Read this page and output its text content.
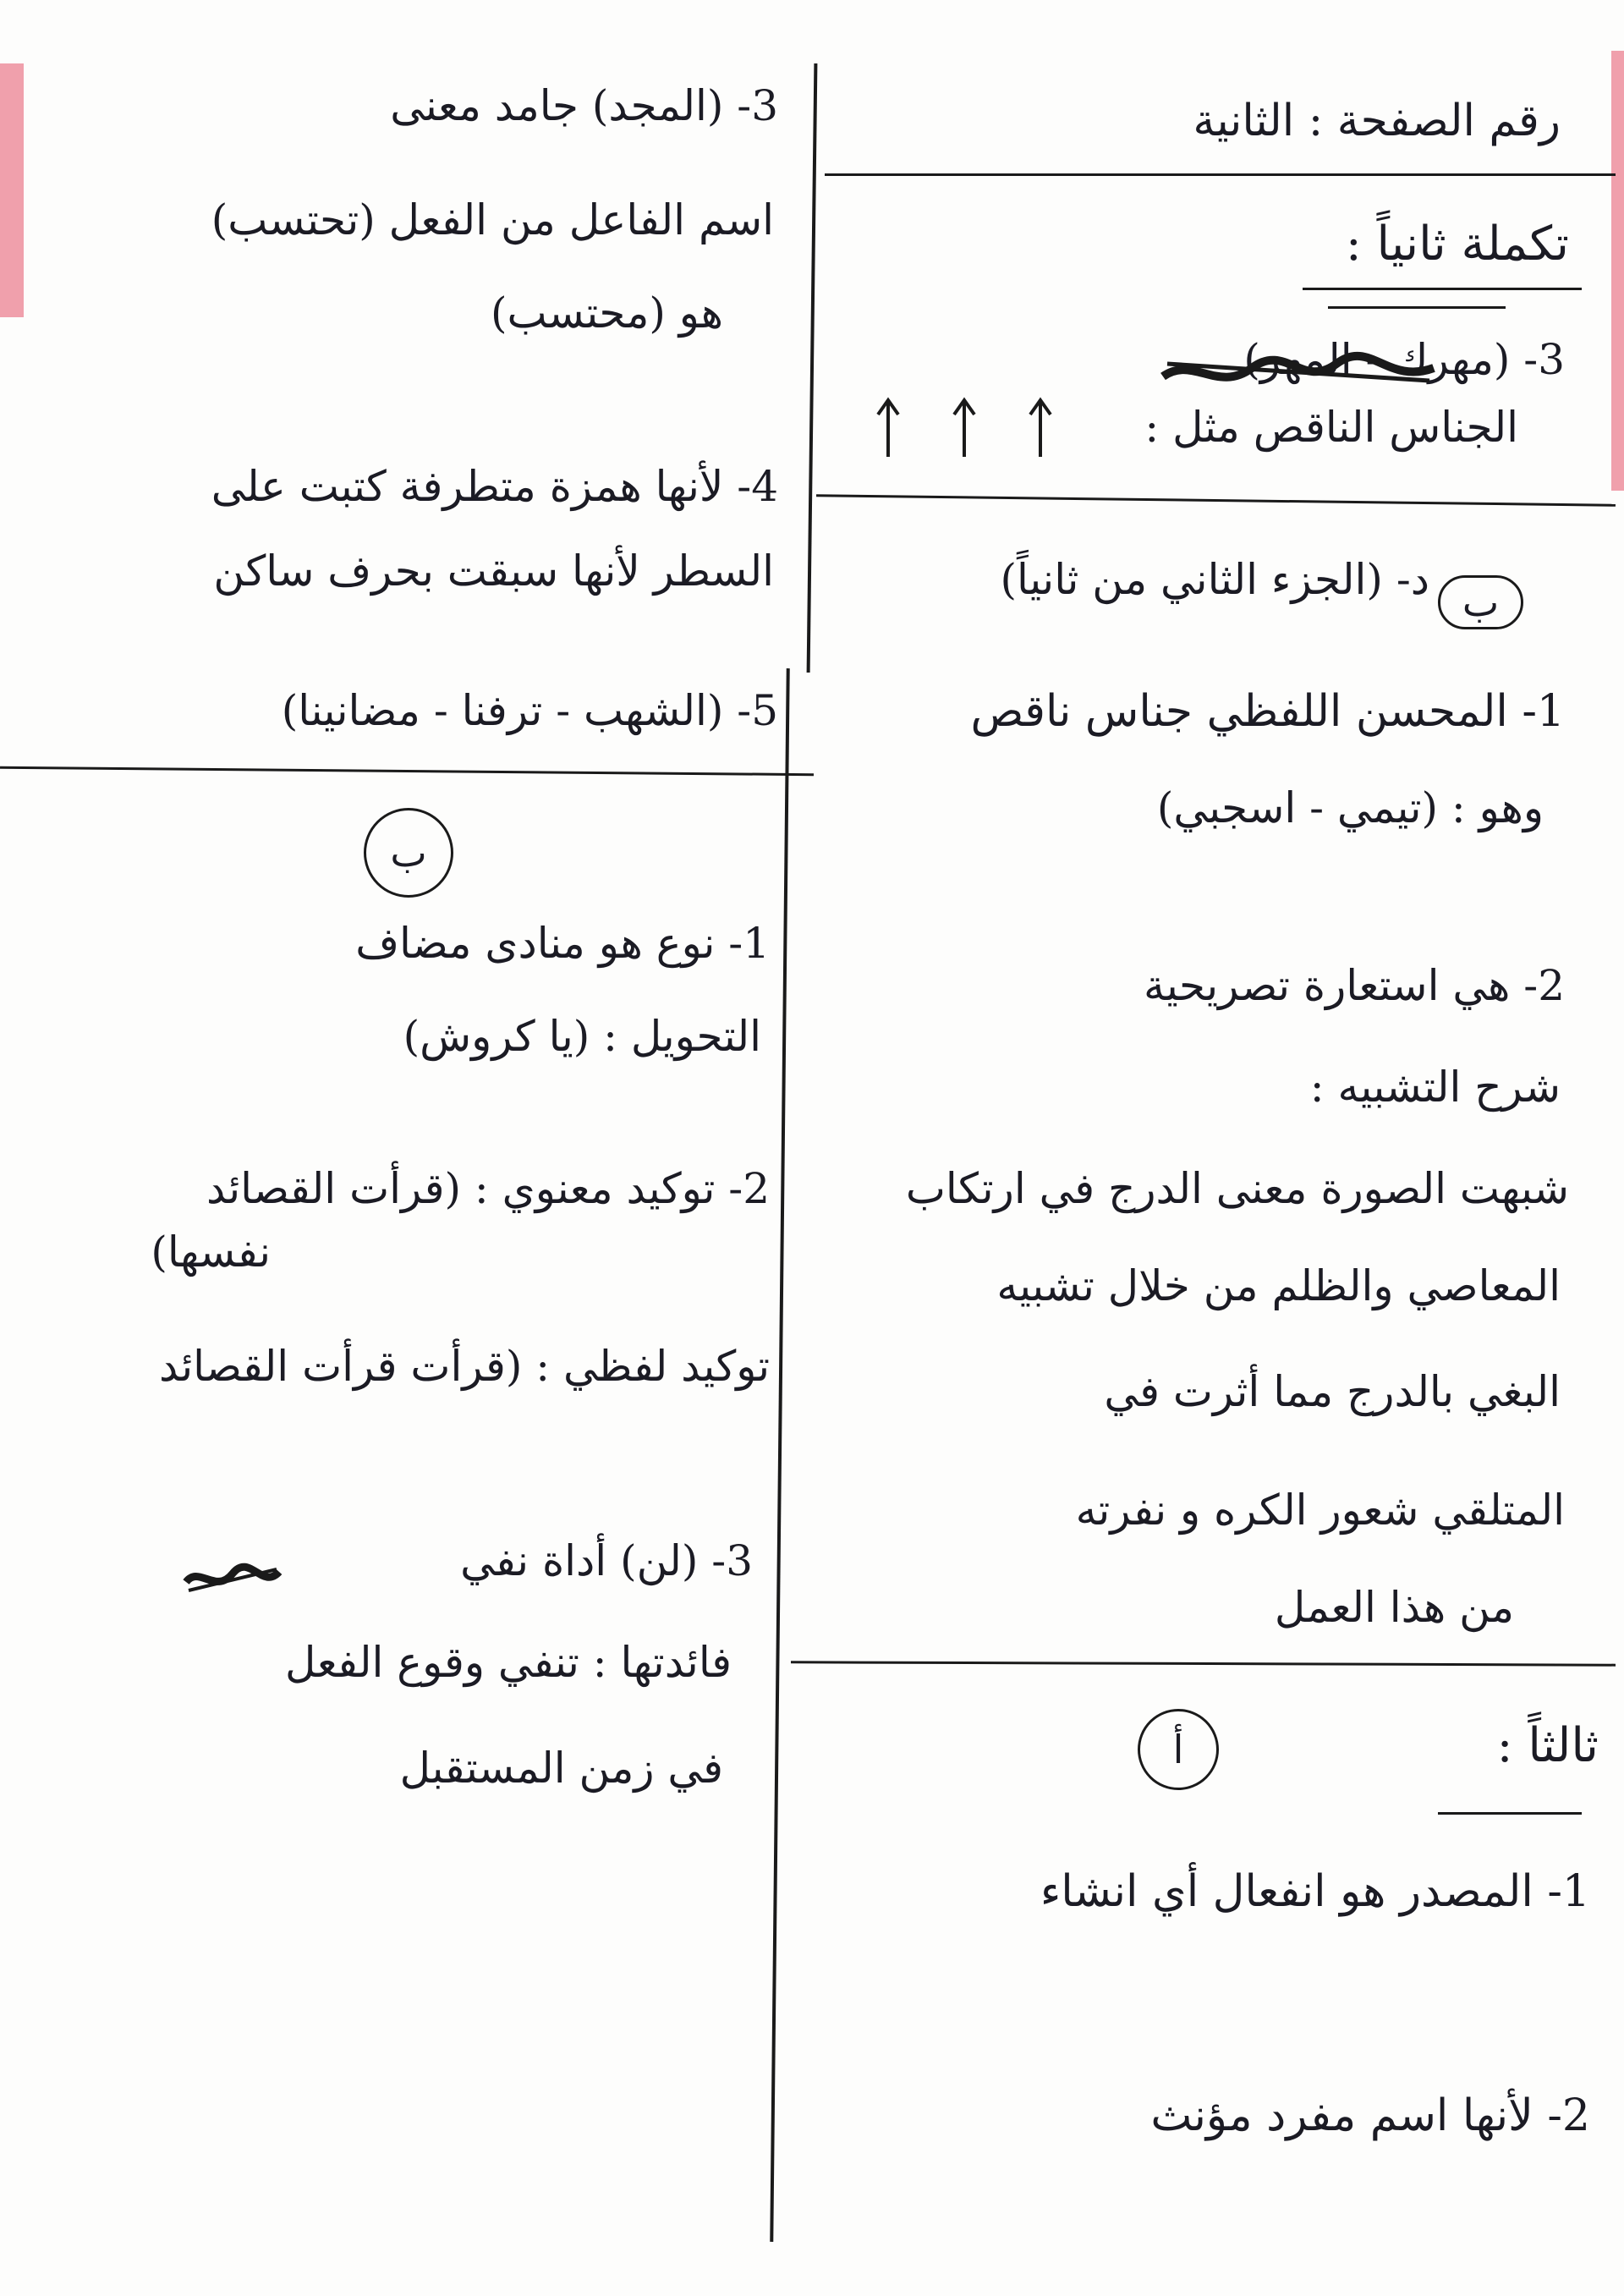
رقم الصفحة : الثانية

تكملة ثانياً :

3- (مهرك - المهر)

الجناس الناقص مثل :

ب

د- (الجزء الثاني من ثانياً)

1- المحسن اللفظي جناس ناقص

وهو : (تيمي - اسجبي)

2- هي استعارة تصريحية

شرح التشبيه :

شبهت الصورة معنى الدرج في ارتكاب

المعاصي والظلم من خلال تشبيه

البغي بالدرج مما أثرت في

المتلقي شعور الكره و نفرته

من هذا العمل

ثالثاً :

أ

1- المصدر هو انفعال أي انشاء

2- لأنها اسم مفرد مؤنث

3- (المجد) جامد معنى

اسم الفاعل من الفعل (تحتسب)

هو (محتسب)

4- لأنها همزة متطرفة كتبت على

السطر لأنها سبقت بحرف ساكن

5- (الشهب - ترفنا - مضانينا)

ب

1- نوع هو منادى مضاف

التحويل : (يا كروش)

2- توكيد معنوي : (قرأت القصائد

نفسها)

توكيد لفظي : (قرأت قرأت القصائد

3- (لن) أداة نفي

فائدتها : تنفي وقوع الفعل

في زمن المستقبل
